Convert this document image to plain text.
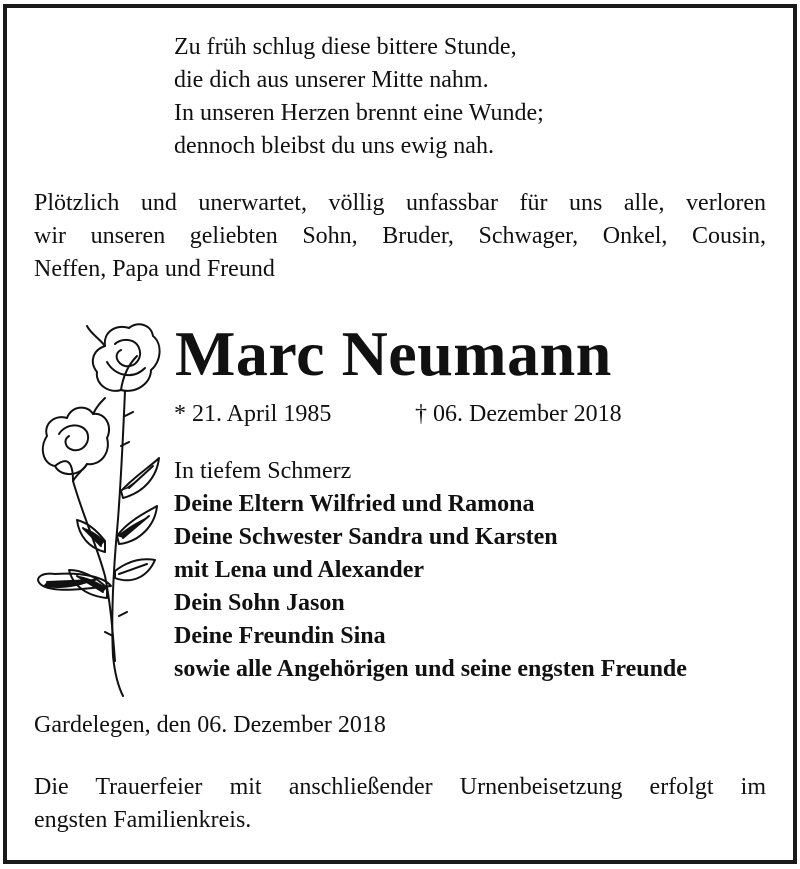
Zu früh schlug diese bittere Stunde,
die dich aus unserer Mitte nahm.
In unseren Herzen brennt eine Wunde;
dennoch bleibst du uns ewig nah.
Plötzlich und unerwartet, völlig unfassbar für uns alle, verloren
wir unseren geliebten Sohn, Bruder, Schwager, Onkel, Cousin,
Neffen, Papa und Freund
Marc Neumann
* 21. April 1985	† 06. Dezember 2018
In tiefem Schmerz
Deine Eltern Wilfried und Ramona
Deine Schwester Sandra und Karsten
mit Lena und Alexander
Dein Sohn Jason
Deine Freundin Sina
sowie alle Angehörigen und seine engsten Freunde
Gardelegen, den 06. Dezember 2018
Die Trauerfeier mit anschließender Urnenbeisetzung erfolgt im
engsten Familienkreis.
